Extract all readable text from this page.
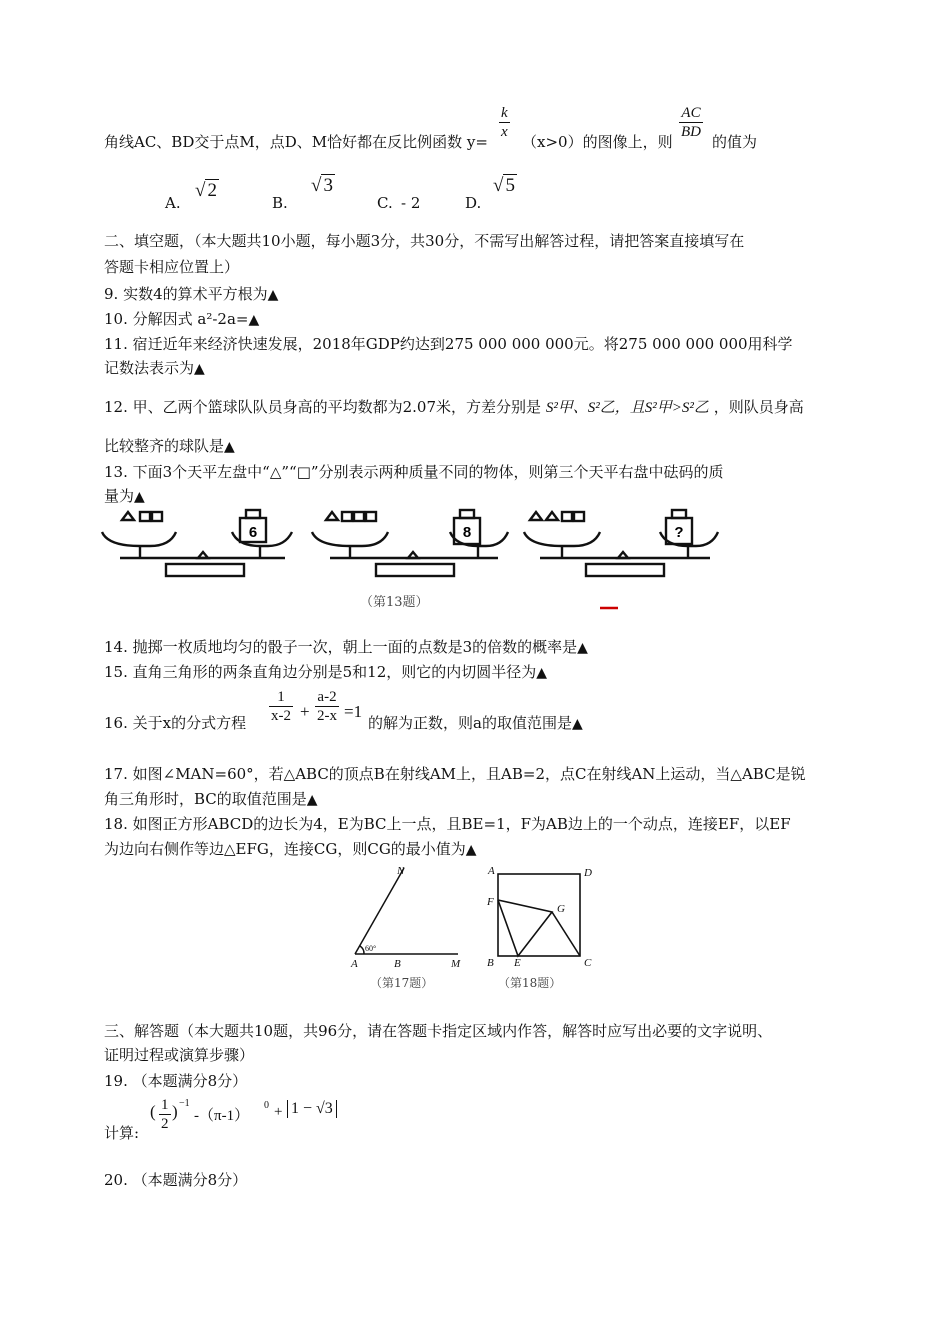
角线AC、BD交于点M，点D、M恰好都在反比例函数 y=
$\frac{k}{x}$
（x>0）的图像上，则
$\frac{AC}{BD}$
的值为
A.
√ 2
B.
√ 3
C. - 2	D.
√ 5
二、填空题，（本大题共10小题，每小题3分，共30分，不需写出解答过程，请把答案直接填写在
答题卡相应位置上）
9. 实数4的算术平方根为▲
10. 分解因式 a²-2a=▲
11. 宿迁近年来经济快速发展，2018年GDP约达到275 000 000 000元。将275 000 000 000用科学
记数法表示为▲
12. 甲、乙两个篮球队队员身高的平均数都为2.07米，方差分别是 S²甲、S²乙，且S²甲>S²乙 ，则队员身高
比较整齐的球队是▲
13. 下面3个天平左盘中“△”“□”分别表示两种质量不同的物体，则第三个天平右盘中砝码的质
量为▲
6	8	?
（第13题）
14. 抛掷一枚质地均匀的骰子一次，朝上一面的点数是3的倍数的概率是▲
15. 直角三角形的两条直角边分别是5和12，则它的内切圆半径为▲
16. 关于x的分式方程 $\frac{1}{x-2} + \frac{a-2}{2-x} =1$
的解为正数，则a的取值范围是▲
17. 如图∠MAN=60°，若△ABC的顶点B在射线AM上，且AB=2，点C在射线AN上运动，当△ABC是锐
角三角形时，BC的取值范围是▲
18. 如图正方形ABCD的边长为4，E为BC上一点，且BE=1，F为AB边上的一个动点，连接EF，以EF
为边向右侧作等边△EFG，连接CG，则CG的最小值为▲
N
A	B	M
60°
（第17题）
A	D
F
G
B E	C
（第18题）
三、解答题（本大题共10题，共96分，请在答题卡指定区域内作答，解答时应写出必要的文字说明、
证明过程或演算步骤）
19. （本题满分8分）
计算:
( $\frac{1}{2}$ ) −1
-（π-1）
0 + 1 − √3
20. （本题满分8分）
